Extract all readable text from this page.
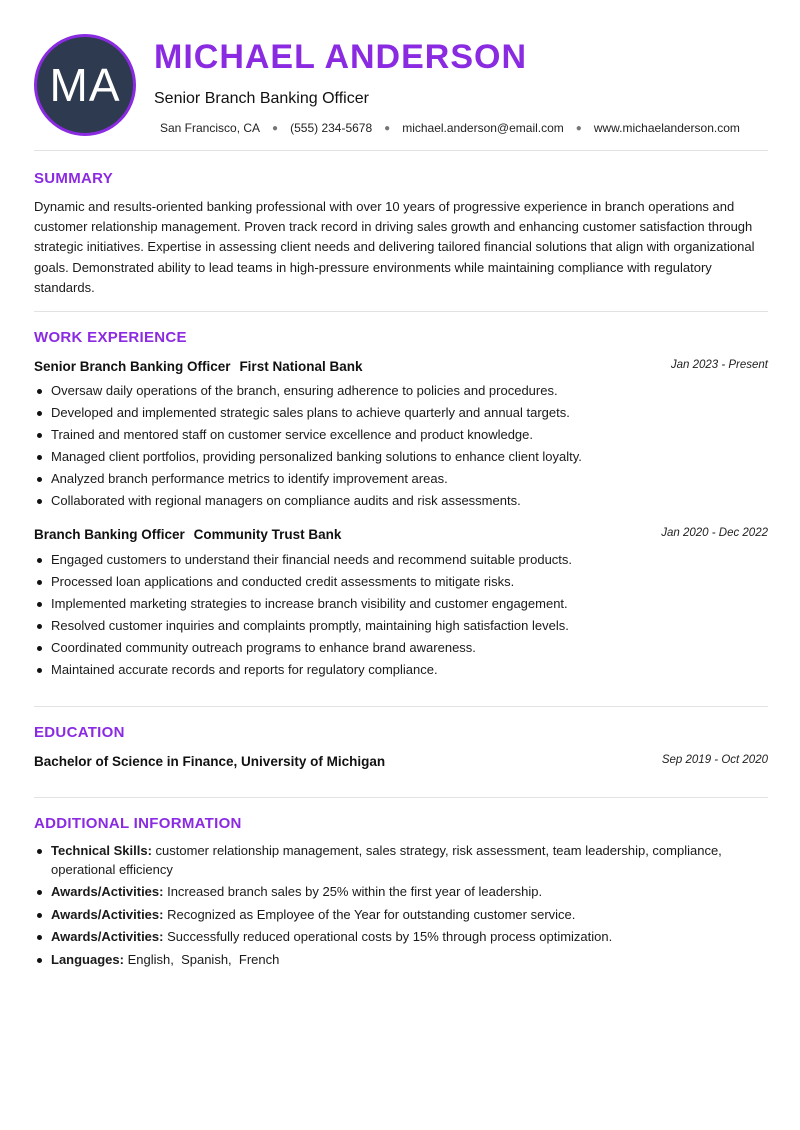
MA
MICHAEL ANDERSON
Senior Branch Banking Officer
San Francisco, CA ● (555) 234-5678 ● michael.anderson@email.com ● www.michaelanderson.com
SUMMARY
Dynamic and results-oriented banking professional with over 10 years of progressive experience in branch operations and customer relationship management. Proven track record in driving sales growth and enhancing customer satisfaction through strategic initiatives. Expertise in assessing client needs and delivering tailored financial solutions that align with organizational goals. Demonstrated ability to lead teams in high-pressure environments while maintaining compliance with regulatory standards.
WORK EXPERIENCE
Senior Branch Banking Officer First National Bank	Jan 2023 - Present
Oversaw daily operations of the branch, ensuring adherence to policies and procedures.
Developed and implemented strategic sales plans to achieve quarterly and annual targets.
Trained and mentored staff on customer service excellence and product knowledge.
Managed client portfolios, providing personalized banking solutions to enhance client loyalty.
Analyzed branch performance metrics to identify improvement areas.
Collaborated with regional managers on compliance audits and risk assessments.
Branch Banking Officer Community Trust Bank	Jan 2020 - Dec 2022
Engaged customers to understand their financial needs and recommend suitable products.
Processed loan applications and conducted credit assessments to mitigate risks.
Implemented marketing strategies to increase branch visibility and customer engagement.
Resolved customer inquiries and complaints promptly, maintaining high satisfaction levels.
Coordinated community outreach programs to enhance brand awareness.
Maintained accurate records and reports for regulatory compliance.
EDUCATION
Bachelor of Science in Finance, University of Michigan	Sep 2019 - Oct 2020
ADDITIONAL INFORMATION
Technical Skills: customer relationship management, sales strategy, risk assessment, team leadership, compliance, operational efficiency
Awards/Activities: Increased branch sales by 25% within the first year of leadership.
Awards/Activities: Recognized as Employee of the Year for outstanding customer service.
Awards/Activities: Successfully reduced operational costs by 15% through process optimization.
Languages: English,  Spanish,  French
